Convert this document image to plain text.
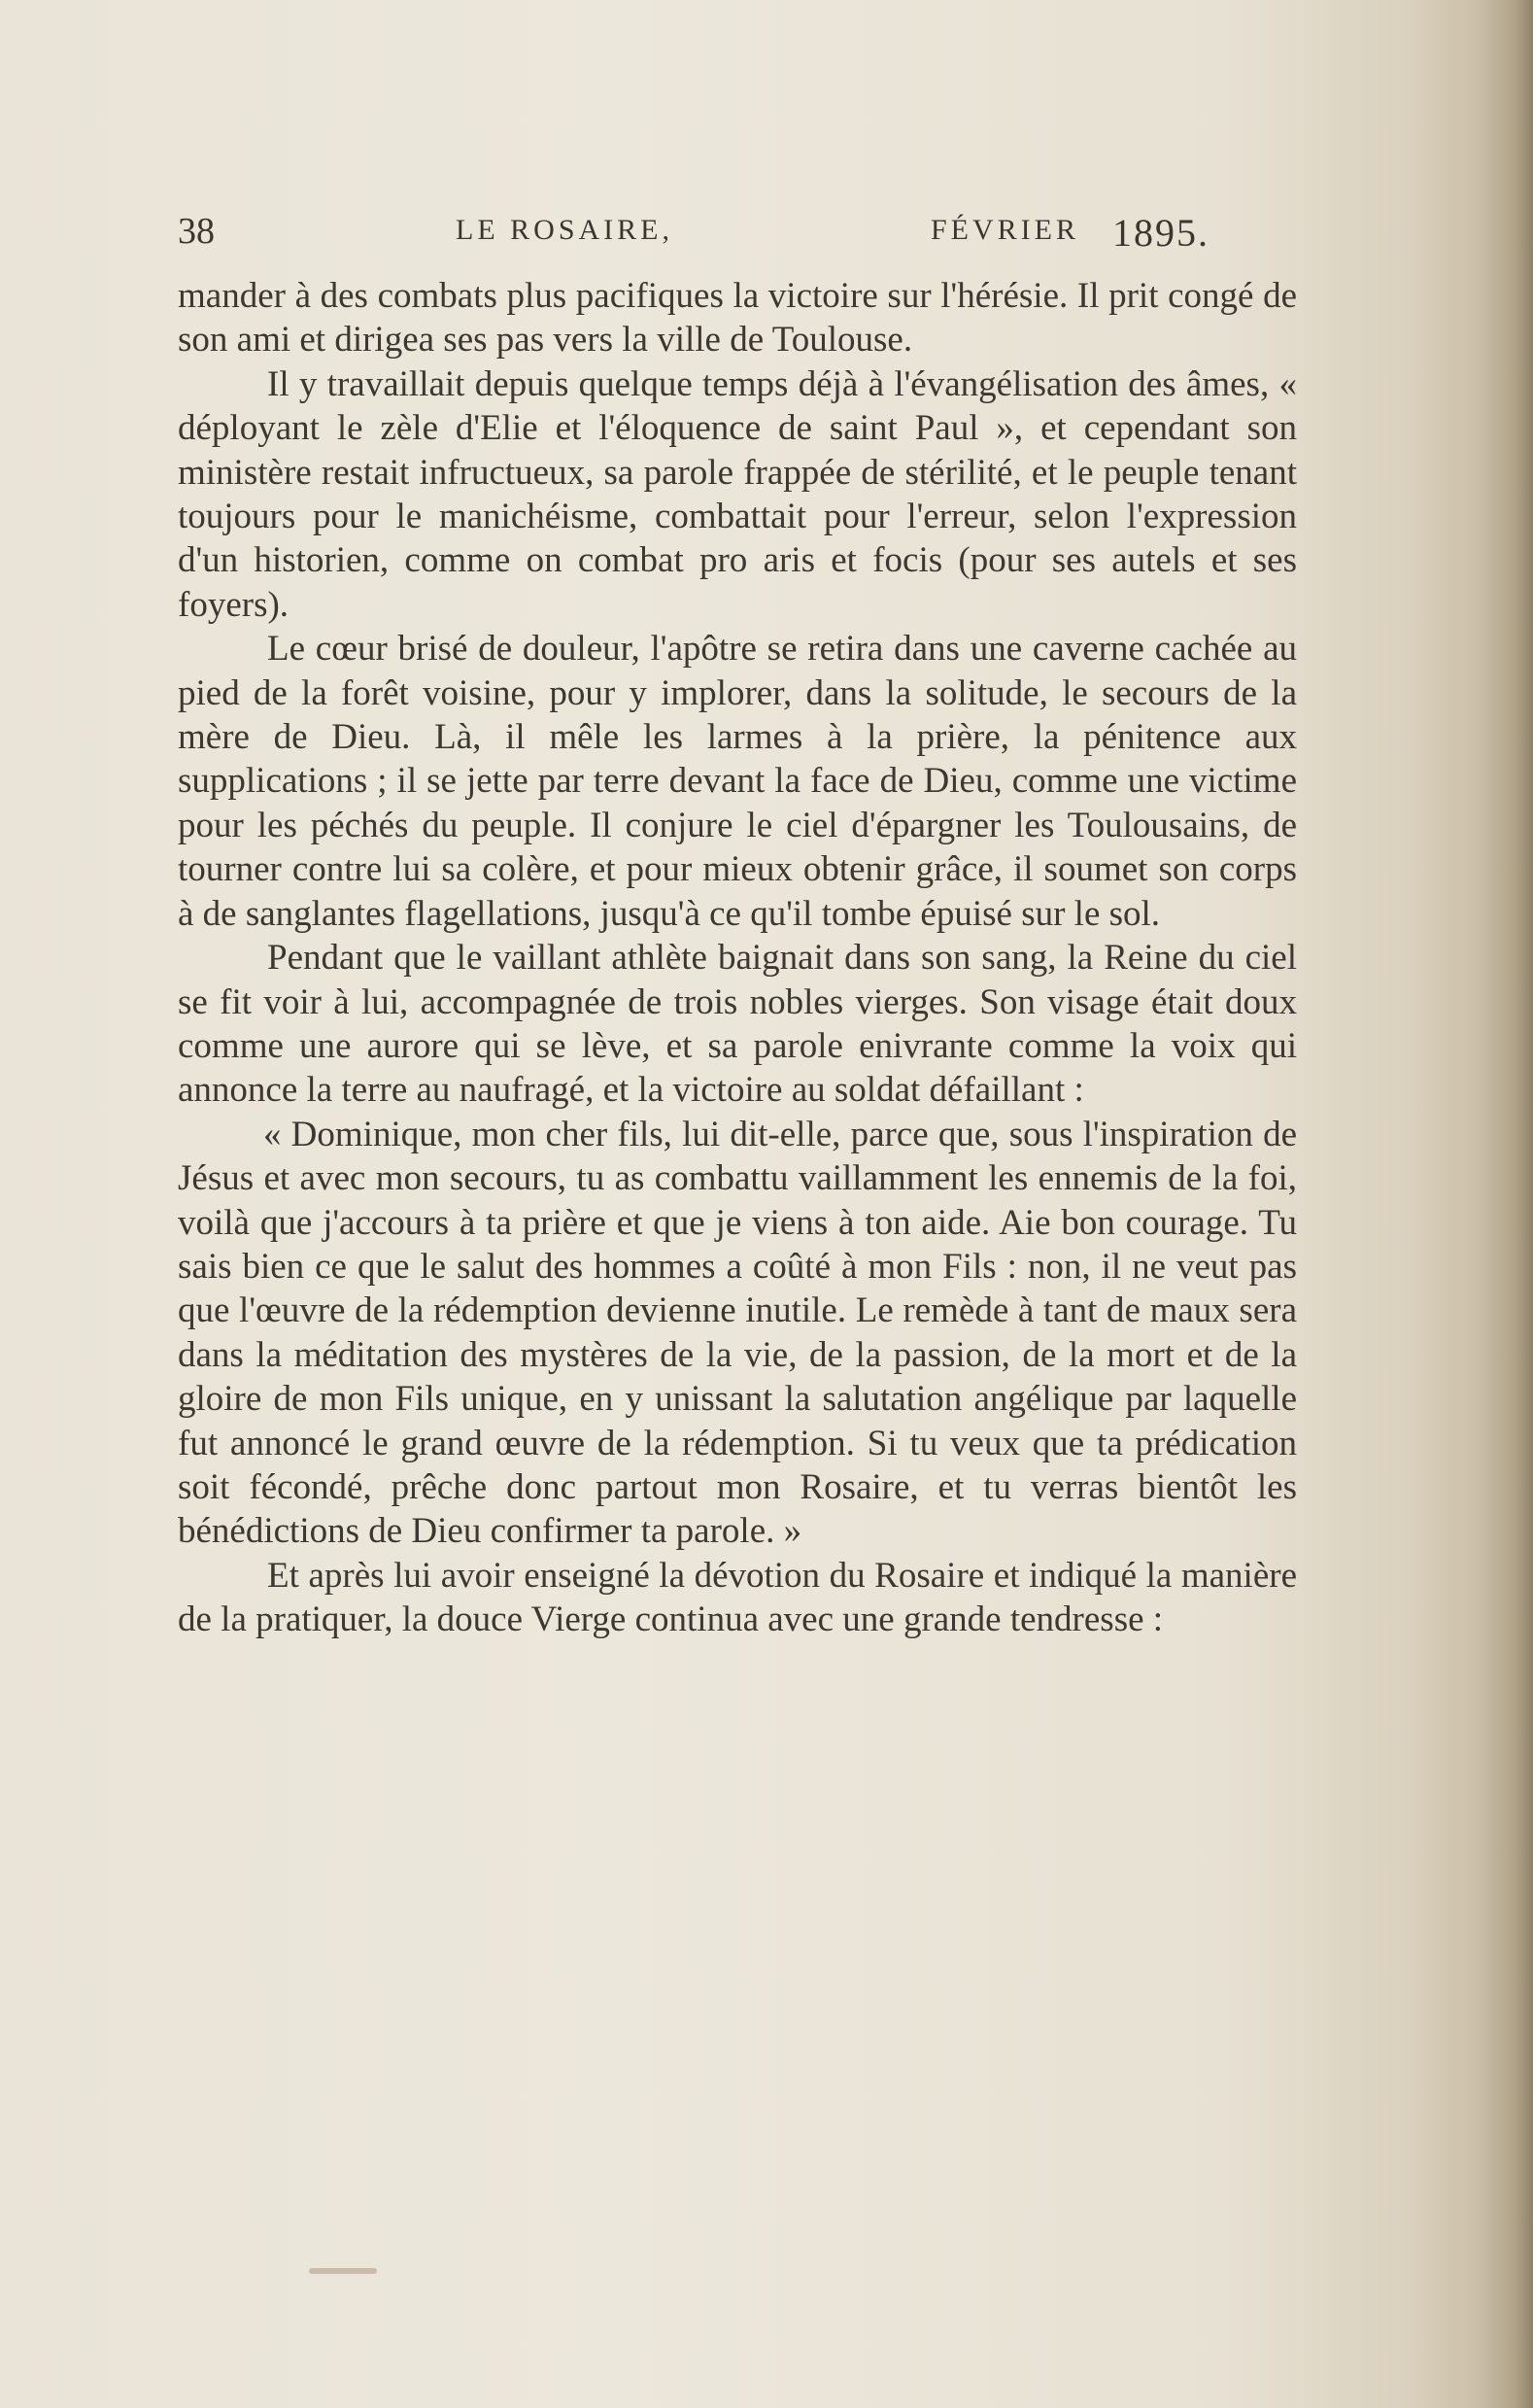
38	LE ROSAIRE,	FÉVRIER 1895.

mander à des combats plus pacifiques la victoire sur l'hérésie. Il prit congé de son ami et dirigea ses pas vers la ville de Toulouse.

Il y travaillait depuis quelque temps déjà à l'évangélisation des âmes, « déployant le zèle d'Elie et l'éloquence de saint Paul », et cependant son ministère restait infructueux, sa parole frappée de stérilité, et le peuple tenant toujours pour le manichéisme, combattait pour l'erreur, selon l'expression d'un historien, comme on combat pro aris et focis (pour ses autels et ses foyers).

Le cœur brisé de douleur, l'apôtre se retira dans une caverne cachée au pied de la forêt voisine, pour y implorer, dans la solitude, le secours de la mère de Dieu. Là, il mêle les larmes à la prière, la pénitence aux supplications ; il se jette par terre devant la face de Dieu, comme une victime pour les péchés du peuple. Il conjure le ciel d'épargner les Toulousains, de tourner contre lui sa colère, et pour mieux obtenir grâce, il soumet son corps à de sanglantes flagellations, jusqu'à ce qu'il tombe épuisé sur le sol.

Pendant que le vaillant athlète baignait dans son sang, la Reine du ciel se fit voir à lui, accompagnée de trois nobles vierges. Son visage était doux comme une aurore qui se lève, et sa parole enivrante comme la voix qui annonce la terre au naufragé, et la victoire au soldat défaillant :

« Dominique, mon cher fils, lui dit-elle, parce que, sous l'inspiration de Jésus et avec mon secours, tu as combattu vaillamment les ennemis de la foi, voilà que j'accours à ta prière et que je viens à ton aide. Aie bon courage. Tu sais bien ce que le salut des hommes a coûté à mon Fils : non, il ne veut pas que l'œuvre de la rédemption devienne inutile. Le remède à tant de maux sera dans la méditation des mystères de la vie, de la passion, de la mort et de la gloire de mon Fils unique, en y unissant la salutation angélique par laquelle fut annoncé le grand œuvre de la rédemption. Si tu veux que ta prédication soit fécondé, prêche donc partout mon Rosaire, et tu verras bientôt les bénédictions de Dieu confirmer ta parole. »

Et après lui avoir enseigné la dévotion du Rosaire et indiqué la manière de la pratiquer, la douce Vierge continua avec une grande tendresse :
